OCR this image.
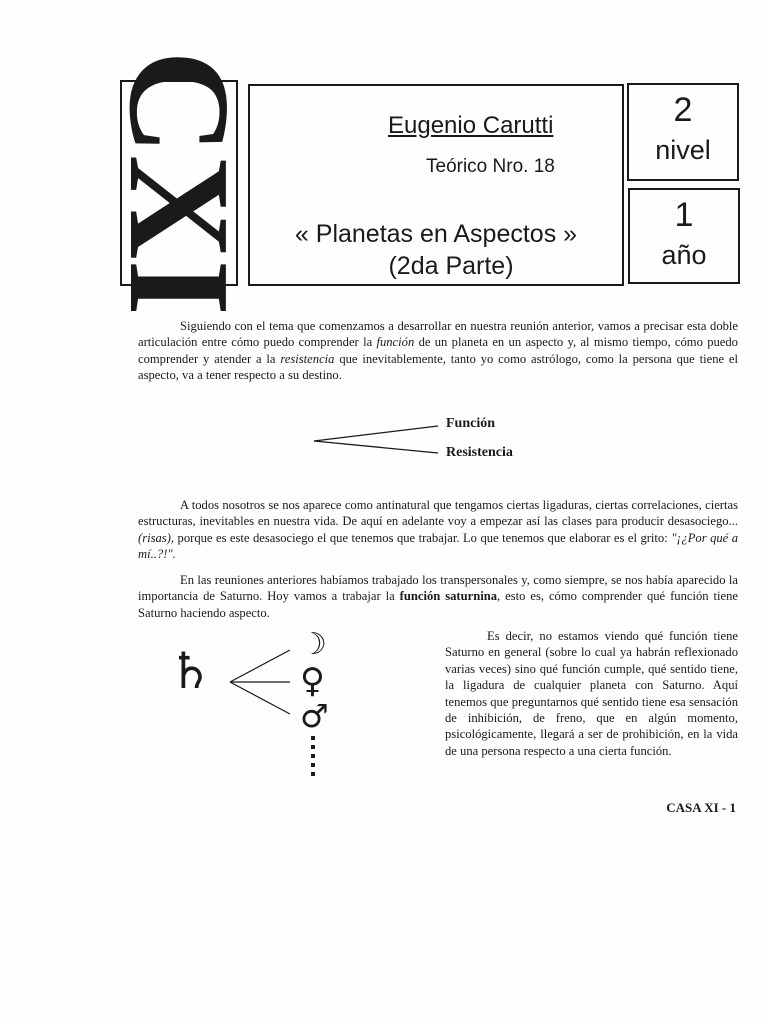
CXI	Eugenio Carutti
Teórico Nro. 18
« Planetas en Aspectos »
(2da Parte)
2
nivel
1
año
Siguiendo con el tema que comenzamos a desarrollar en nuestra reunión anterior, vamos a precisar esta doble articulación entre cómo puedo comprender la función de un planeta en un aspecto y, al mismo tiempo, cómo puedo comprender y atender a la resistencia que inevitablemente, tanto yo como astrólogo, como la persona que tiene el aspecto, va a tener respecto a su destino.
Función
Resistencia
A todos nosotros se nos aparece como antinatural que tengamos ciertas ligaduras, ciertas correlaciones, ciertas estructuras, inevitables en nuestra vida. De aquí en adelante voy a empezar así las clases para producir desasociego... (risas), porque es este desasociego el que tenemos que trabajar. Lo que tenemos que elaborar es el grito: "¡¿Por qué a mí..?!".
En las reuniones anteriores habíamos trabajado los transpersonales y, como siempre, se nos había aparecido la importancia de Saturno. Hoy vamos a trabajar la función saturnina, esto es, cómo comprender qué función tiene Saturno haciendo aspecto.
♄	☽
♀
♂
Es decir, no estamos viendo qué función tiene Saturno en general (sobre lo cual ya habrán reflexionado varias veces) sino qué función cumple, qué sentido tiene, la ligadura de cualquier planeta con Saturno. Aquí tenemos que preguntarnos qué sentido tiene esa sensación de inhibición, de freno, que en algún momento, psicológicamente, llegará a ser de prohibición, en la vida de una persona respecto a una cierta función.
CASA XI - 1
